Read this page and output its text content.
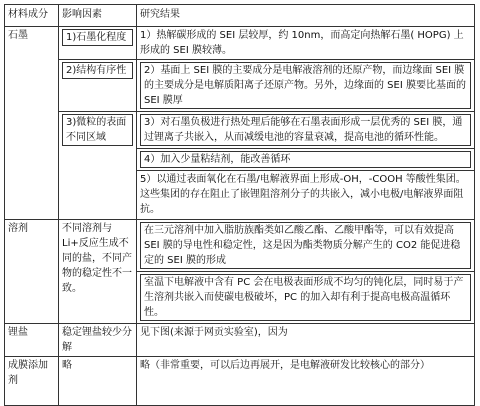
材料成分	影响因素	研究结果
石墨	1)石墨化程度	1）热解碳形成的 SEI 层较厚，约 10nm，而高定向热解石墨( HOPG) 上形成的 SEI 膜较薄。

	2)结构有序性	2）基面上 SEI 膜的主要成分是电解液溶剂的还原产物，而边缘面 SEI 膜的主要成分是电解质阳离子还原产物。另外，边缘面的 SEI 膜要比基面的 SEI 膜厚

	3)微粒的表面不同区域	3）对石墨负极进行热处理后能够在石墨表面形成一层优秀的 SEI 膜，通过锂离子共嵌入，从而减缓电池的容量衰减，提高电池的循环性能。

		4）加入少量粘结剂，能改善循环

		5）以通过表面氧化在石墨/电解液界面上形成-OH，-COOH 等酸性集团。这些集团的存在阻止了嵌锂阻溶剂分子的共嵌入，减小电极/电解液界面阻抗。
溶剂	不同溶剂与 Li+反应生成不同的盐，不同产物的稳定性不一致。	在三元溶剂中加入脂肪族酯类如乙酸乙酯、乙酸甲酯等，可以有效提高 SEI 膜的导电性和稳定性，这是因为酯类物质分解产生的 CO2 能促进稳定的 SEI 膜的形成

		室温下电解液中含有 PC 会在电极表面形成不均匀的钝化层，同时易于产生溶剂共嵌入而使碳电极破坏，PC 的加入却有利于提高电极高温循环性。

锂盐	稳定锂盐较少分解	见下图(来源于网贡实验室)，因为
成膜添加剂	略	略（非常重要，可以后边再展开，是电解液研发比较核心的部分）
